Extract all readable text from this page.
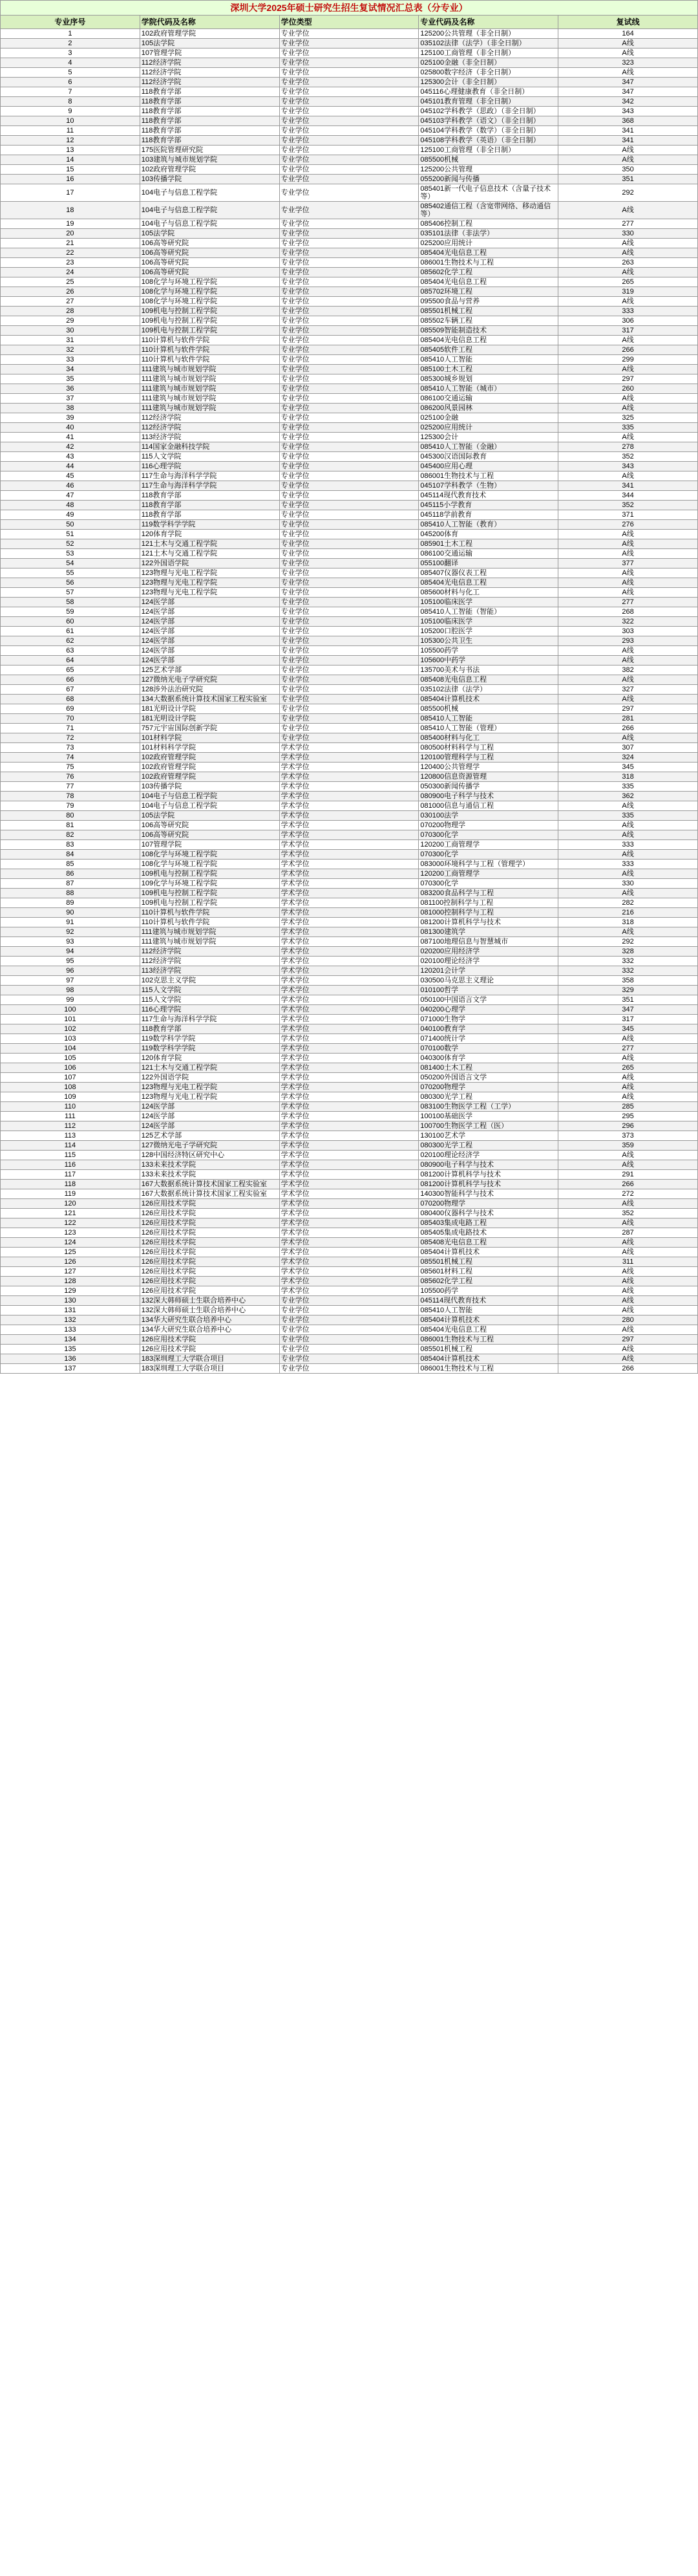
深圳大学2025年硕士研究生招生复试情况汇总表（分专业）				
专业序号	学院代码及名称	学位类型	专业代码及名称	复试线
1	102政府管理学院	专业学位	125200公共管理（非全日制）	164
2	105法学院	专业学位	035102法律（法学）（非全日制）	A线
3	107管理学院	专业学位	125100工商管理（非全日制）	A线
4	112经济学院	专业学位	025100金融（非全日制）	323
5	112经济学院	专业学位	025800数字经济（非全日制）	A线
6	112经济学院	专业学位	125300会计（非全日制）	347
7	118教育学部	专业学位	045116心理健康教育（非全日制）	347
8	118教育学部	专业学位	045101教育管理（非全日制）	342
9	118教育学部	专业学位	045102学科教学（思政）（非全日制）	343
10	118教育学部	专业学位	045103学科教学（语文）（非全日制）	368
11	118教育学部	专业学位	045104学科教学（数学）（非全日制）	341
12	118教育学部	专业学位	045108学科教学（英语）（非全日制）	341
13	175医院管理研究院	专业学位	125100工商管理（非全日制）	A线
14	103建筑与城市规划学院	专业学位	085500机械	A线
15	102政府管理学院	专业学位	125200公共管理	350
16	103传播学院	专业学位	055200新闻与传播	351
17	104电子与信息工程学院	专业学位	085401新一代电子信息技术（含量子技术等）	292
18	104电子与信息工程学院	专业学位	085402通信工程（含宽带网络、移动通信等）	A线
19	104电子与信息工程学院	专业学位	085406控制工程	277
20	105法学院	专业学位	035101法律（非法学）	330
21	106高等研究院	专业学位	025200应用统计	A线
22	106高等研究院	专业学位	085404光电信息工程	A线
23	106高等研究院	专业学位	086001生物技术与工程	263
24	106高等研究院	专业学位	085602化学工程	A线
25	108化学与环境工程学院	专业学位	085404光电信息工程	265
26	108化学与环境工程学院	专业学位	085702环境工程	319
27	108化学与环境工程学院	专业学位	095500食品与营养	A线
28	109机电与控制工程学院	专业学位	085501机械工程	333
29	109机电与控制工程学院	专业学位	085502车辆工程	306
30	109机电与控制工程学院	专业学位	085509智能制造技术	317
31	110计算机与软件学院	专业学位	085404光电信息工程	A线
32	110计算机与软件学院	专业学位	085405软件工程	266
33	110计算机与软件学院	专业学位	085410人工智能	299
34	111建筑与城市规划学院	专业学位	085100土木工程	A线
35	111建筑与城市规划学院	专业学位	085300城乡规划	297
36	111建筑与城市规划学院	专业学位	085410人工智能（城市）	260
37	111建筑与城市规划学院	专业学位	086100交通运输	A线
38	111建筑与城市规划学院	专业学位	086200风景园林	A线
39	112经济学院	专业学位	025100金融	325
40	112经济学院	专业学位	025200应用统计	335
41	113经济学院	专业学位	125300会计	A线
42	114国家金融科技学院	专业学位	085410人工智能（金融）	278
43	115人文学院	专业学位	045300汉语国际教育	352
44	116心理学院	专业学位	045400应用心理	343
45	117生命与海洋科学学院	专业学位	086001生物技术与工程	A线
46	117生命与海洋科学学院	专业学位	045107学科教学（生物）	341
47	118教育学部	专业学位	045114现代教育技术	344
48	118教育学部	专业学位	045115小学教育	352
49	118教育学部	专业学位	045118学前教育	371
50	119数学科学学院	专业学位	085410人工智能（教育）	276
51	120体育学院	专业学位	045200体育	A线
52	121土木与交通工程学院	专业学位	085901土木工程	A线
53	121土木与交通工程学院	专业学位	086100交通运输	A线
54	122外国语学院	专业学位	055100翻译	377
55	123物理与光电工程学院	专业学位	085407仪器仪表工程	A线
56	123物理与光电工程学院	专业学位	085404光电信息工程	A线
57	123物理与光电工程学院	专业学位	085600材料与化工	A线
58	124医学部	专业学位	105100临床医学	277
59	124医学部	专业学位	085410人工智能（智能）	268
60	124医学部	专业学位	105100临床医学	322
61	124医学部	专业学位	105200口腔医学	303
62	124医学部	专业学位	105300公共卫生	293
63	124医学部	专业学位	105500药学	A线
64	124医学部	专业学位	105600中药学	A线
65	125艺术学部	专业学位	135700美术与书法	382
66	127微纳光电子学研究院	专业学位	085408光电信息工程	A线
67	128涉外法治研究院	专业学位	035102法律（法学）	327
68	134大数据系统计算技术国家工程实验室	专业学位	085404计算机技术	A线
69	181光明设计学院	专业学位	085500机械	297
70	181光明设计学院	专业学位	085410人工智能	281
71	757元宇宙国际创新学院	专业学位	085410人工智能（管理）	266
72	101材料学院	专业学位	085400材料与化工	A线
73	101材料科学学院	学术学位	080500材料科学与工程	307
74	102政府管理学院	学术学位	120100管理科学与工程	324
75	102政府管理学院	学术学位	120400公共管理学	345
76	102政府管理学院	学术学位	120800信息资源管理	318
77	103传播学院	学术学位	050300新闻传播学	335
78	104电子与信息工程学院	学术学位	080900电子科学与技术	362
79	104电子与信息工程学院	学术学位	081000信息与通信工程	A线
80	105法学院	学术学位	030100法学	335
81	106高等研究院	学术学位	070200物理学	A线
82	106高等研究院	学术学位	070300化学	A线
83	107管理学院	学术学位	120200工商管理学	333
84	108化学与环境工程学院	学术学位	070300化学	A线
85	108化学与环境工程学院	学术学位	083000环境科学与工程（管理学）	333
86	109机电与控制工程学院	学术学位	120200工商管理学	A线
87	109化学与环境工程学院	学术学位	070300化学	330
88	109机电与控制工程学院	学术学位	083200食品科学与工程	A线
89	109机电与控制工程学院	学术学位	081100控制科学与工程	282
90	110计算机与软件学院	学术学位	081000控制科学与工程	216
91	110计算机与软件学院	学术学位	081200计算机科学与技术	318
92	111建筑与城市规划学院	学术学位	081300建筑学	A线
93	111建筑与城市规划学院	学术学位	087100地理信息与智慧城市	292
94	112经济学院	学术学位	020200应用经济学	328
95	112经济学院	学术学位	020100理论经济学	332
96	113经济学院	学术学位	120201会计学	332
97	102克思主义学院	学术学位	030500马克思主义理论	358
98	115人文学院	学术学位	010100哲学	329
99	115人文学院	学术学位	050100中国语言文学	351
100	116心理学院	学术学位	040200心理学	347
101	117生命与海洋科学学院	学术学位	071000生物学	317
102	118教育学部	学术学位	040100教育学	345
103	119数学科学学院	学术学位	071400统计学	A线
104	119数学科学学院	学术学位	070100数学	277
105	120体育学院	学术学位	040300体育学	A线
106	121土木与交通工程学院	学术学位	081400土木工程	265
107	122外国语学院	学术学位	050200外国语言文学	A线
108	123物理与光电工程学院	学术学位	070200物理学	A线
109	123物理与光电工程学院	学术学位	080300光学工程	A线
110	124医学部	学术学位	083100生物医学工程（工学）	285
111	124医学部	学术学位	100100基础医学	295
112	124医学部	学术学位	100700生物医学工程（医）	296
113	125艺术学部	学术学位	130100艺术学	373
114	127微纳光电子学研究院	学术学位	080300光学工程	359
115	128中国经济特区研究中心	学术学位	020100理论经济学	A线
116	133未来技术学院	学术学位	080900电子科学与技术	A线
117	133未来技术学院	学术学位	081200计算机科学与技术	291
118	167大数据系统计算技术国家工程实验室	学术学位	081200计算机科学与技术	266
119	167大数据系统计算技术国家工程实验室	学术学位	140300智能科学与技术	272
120	126应用技术学院	学术学位	070200物理学	A线
121	126应用技术学院	学术学位	080400仪器科学与技术	352
122	126应用技术学院	学术学位	085403集成电路工程	A线
123	126应用技术学院	学术学位	085405集成电路技术	287
124	126应用技术学院	学术学位	085408光电信息工程	A线
125	126应用技术学院	学术学位	085404计算机技术	A线
126	126应用技术学院	学术学位	085501机械工程	311
127	126应用技术学院	学术学位	085601材料工程	A线
128	126应用技术学院	学术学位	085602化学工程	A线
129	126应用技术学院	学术学位	105500药学	A线
130	132深大韩师硕士生联合培养中心	专业学位	045114现代教育技术	A线
131	132深大韩师硕士生联合培养中心	专业学位	085410人工智能	A线
132	134华大研究生联合培养中心	专业学位	085404计算机技术	280
133	134华大研究生联合培养中心	专业学位	085404光电信息工程	A线
134	126应用技术学院	专业学位	086001生物技术与工程	297
135	126应用技术学院	专业学位	085501机械工程	A线
136	183深圳理工大学联合项目	专业学位	085404计算机技术	A线
137	183深圳理工大学联合项目	专业学位	086001生物技术与工程	266
